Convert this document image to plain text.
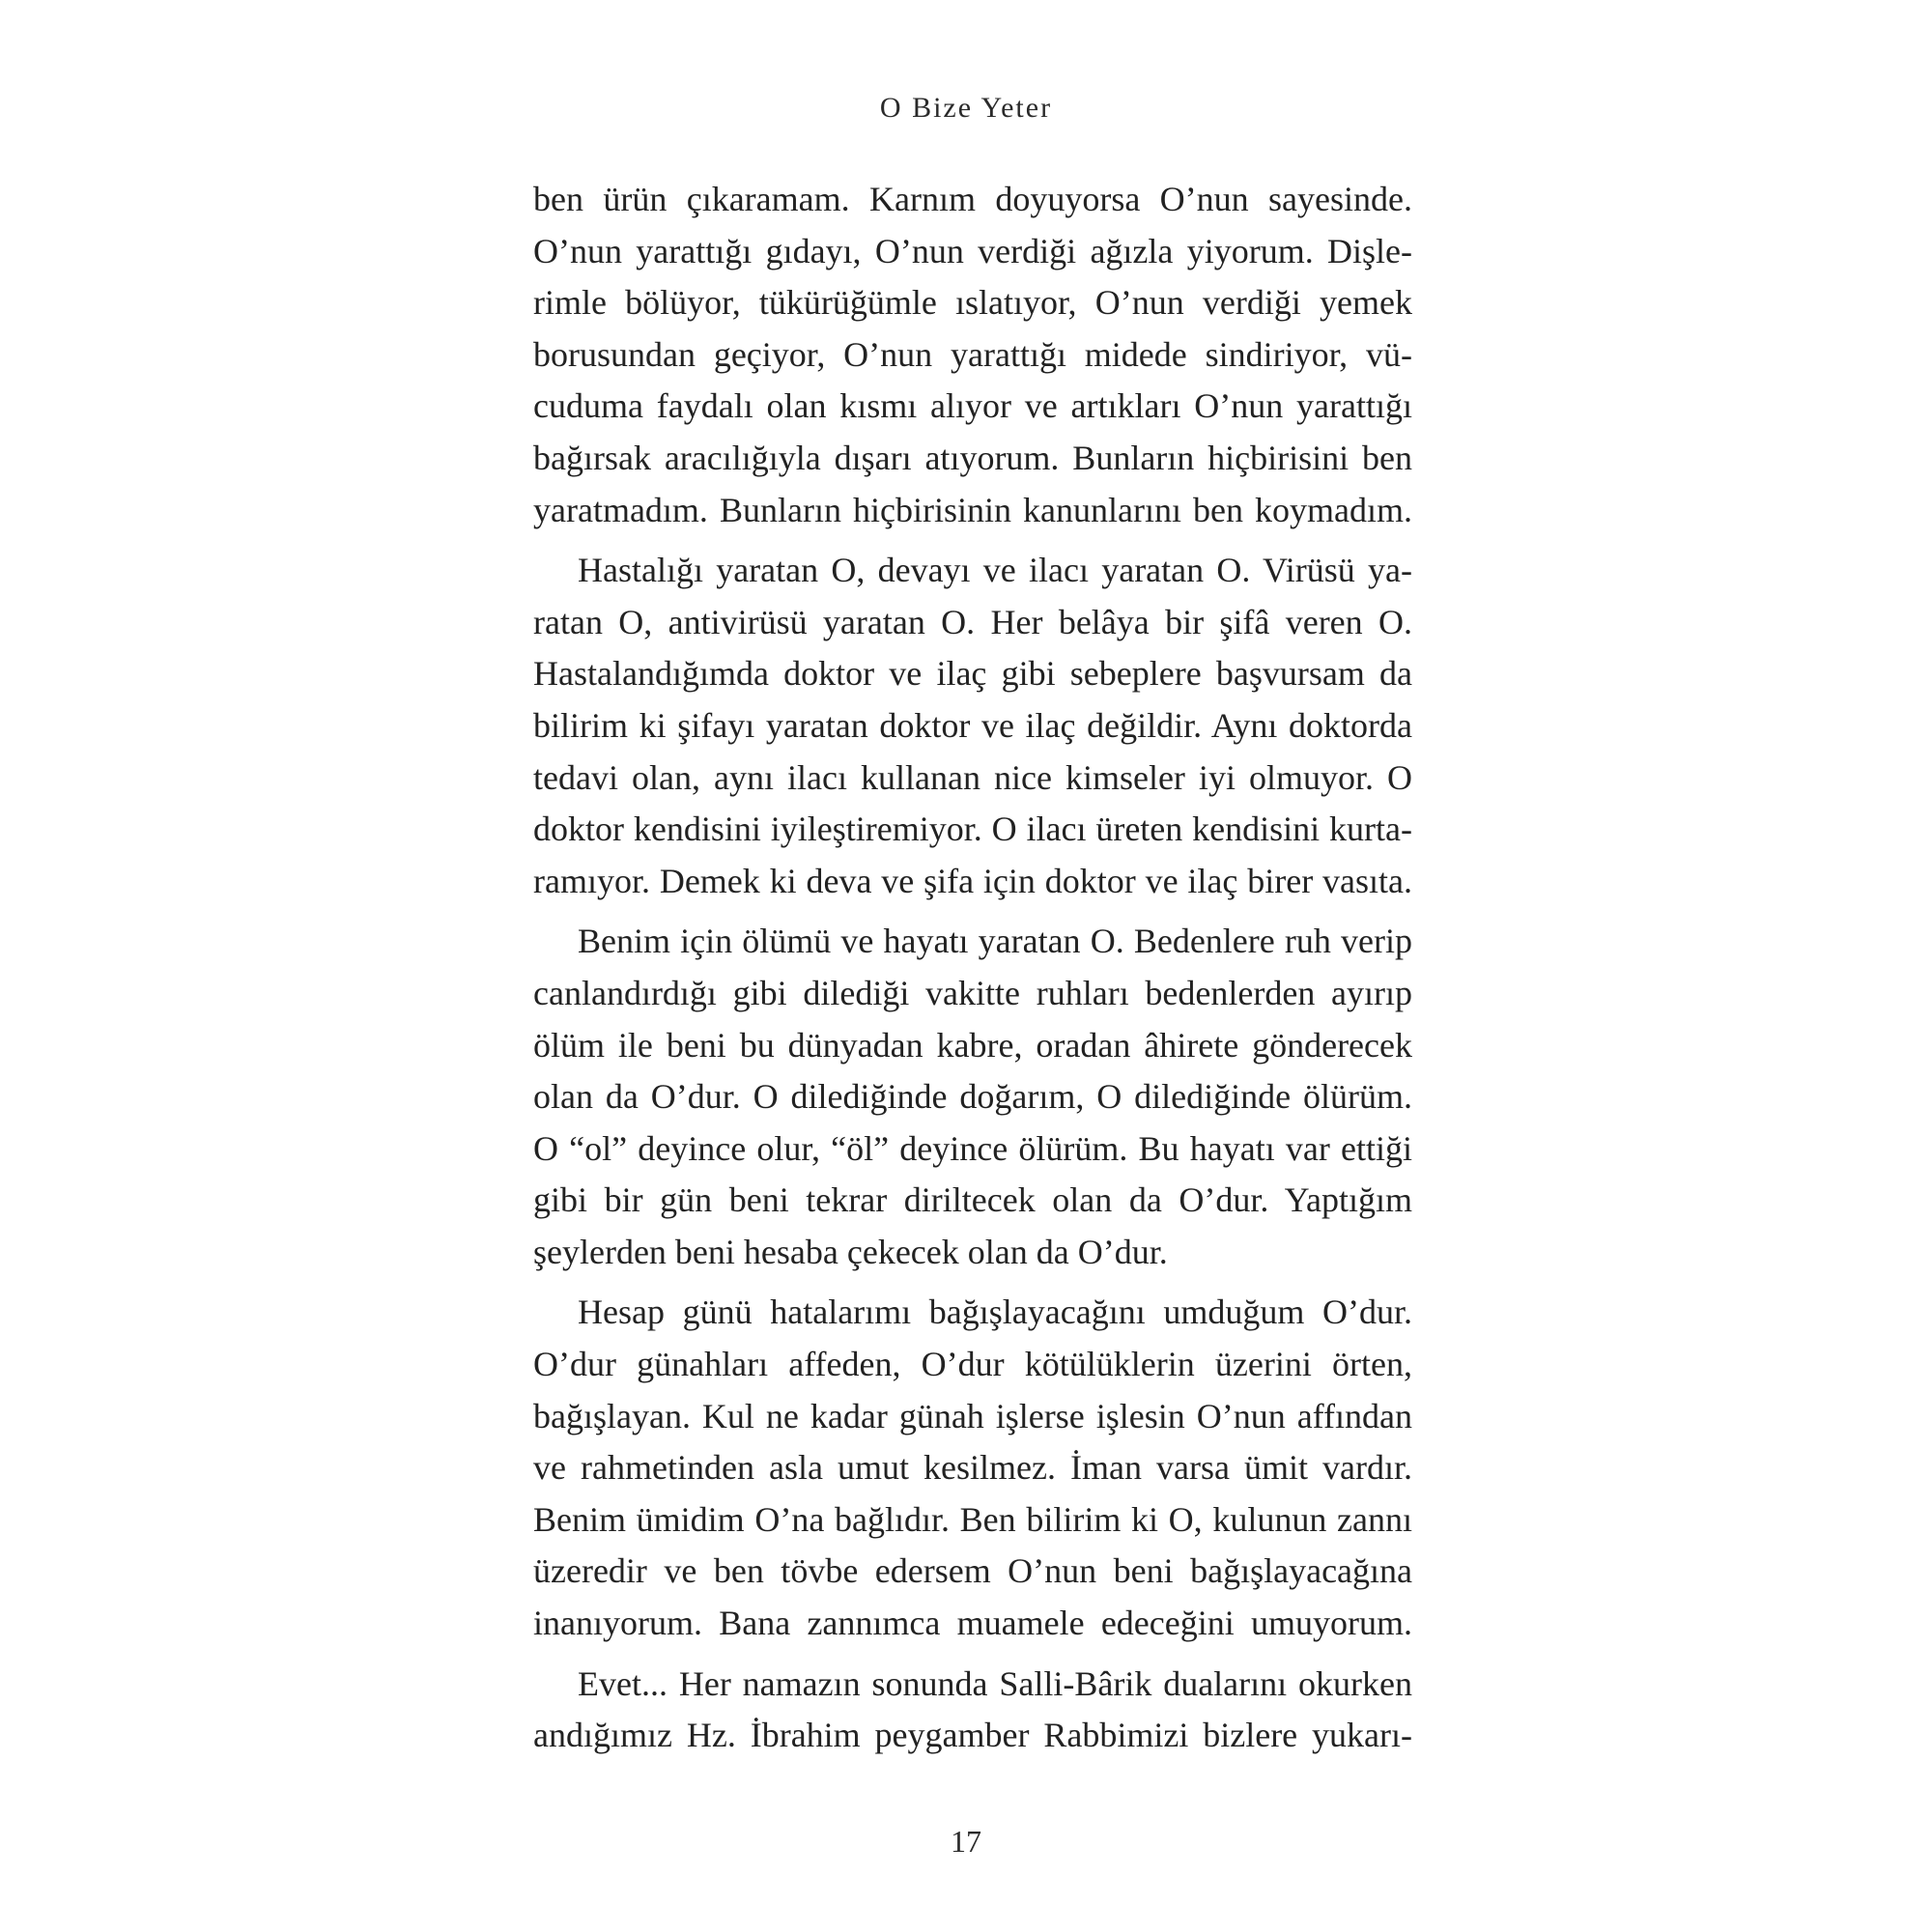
O Bize Yeter

ben ürün çıkaramam. Karnım doyuyorsa O’nun sayesinde.
O’nun yarattığı gıdayı, O’nun verdiği ağızla yiyorum. Dişle-
rimle bölüyor, tükürüğümle ıslatıyor, O’nun verdiği yemek
borusundan geçiyor, O’nun yarattığı midede sindiriyor, vü-
cuduma faydalı olan kısmı alıyor ve artıkları O’nun yarattığı
bağırsak aracılığıyla dışarı atıyorum. Bunların hiçbirisini ben
yaratmadım. Bunların hiçbirisinin kanunlarını ben koymadım.

Hastalığı yaratan O, devayı ve ilacı yaratan O. Virüsü ya-
ratan O, antivirüsü yaratan O. Her belâya bir şifâ veren O.
Hastalandığımda doktor ve ilaç gibi sebeplere başvursam da
bilirim ki şifayı yaratan doktor ve ilaç değildir. Aynı doktorda
tedavi olan, aynı ilacı kullanan nice kimseler iyi olmuyor. O
doktor kendisini iyileştiremiyor. O ilacı üreten kendisini kurta-
ramıyor. Demek ki deva ve şifa için doktor ve ilaç birer vasıta.

Benim için ölümü ve hayatı yaratan O. Bedenlere ruh verip
canlandırdığı gibi dilediği vakitte ruhları bedenlerden ayırıp
ölüm ile beni bu dünyadan kabre, oradan âhirete gönderecek
olan da O’dur. O dilediğinde doğarım, O dilediğinde ölürüm.
O “ol” deyince olur, “öl” deyince ölürüm. Bu hayatı var ettiği
gibi bir gün beni tekrar diriltecek olan da O’dur. Yaptığım
şeylerden beni hesaba çekecek olan da O’dur.

Hesap günü hatalarımı bağışlayacağını umduğum O’dur.
O’dur günahları affeden, O’dur kötülüklerin üzerini örten,
bağışlayan. Kul ne kadar günah işlerse işlesin O’nun affından
ve rahmetinden asla umut kesilmez. İman varsa ümit vardır.
Benim ümidim O’na bağlıdır. Ben bilirim ki O, kulunun zannı
üzeredir ve ben tövbe edersem O’nun beni bağışlayacağına
inanıyorum. Bana zannımca muamele edeceğini umuyorum.

Evet... Her namazın sonunda Salli-Bârik dualarını okurken
andığımız Hz. İbrahim peygamber Rabbimizi bizlere yukarı-

17
